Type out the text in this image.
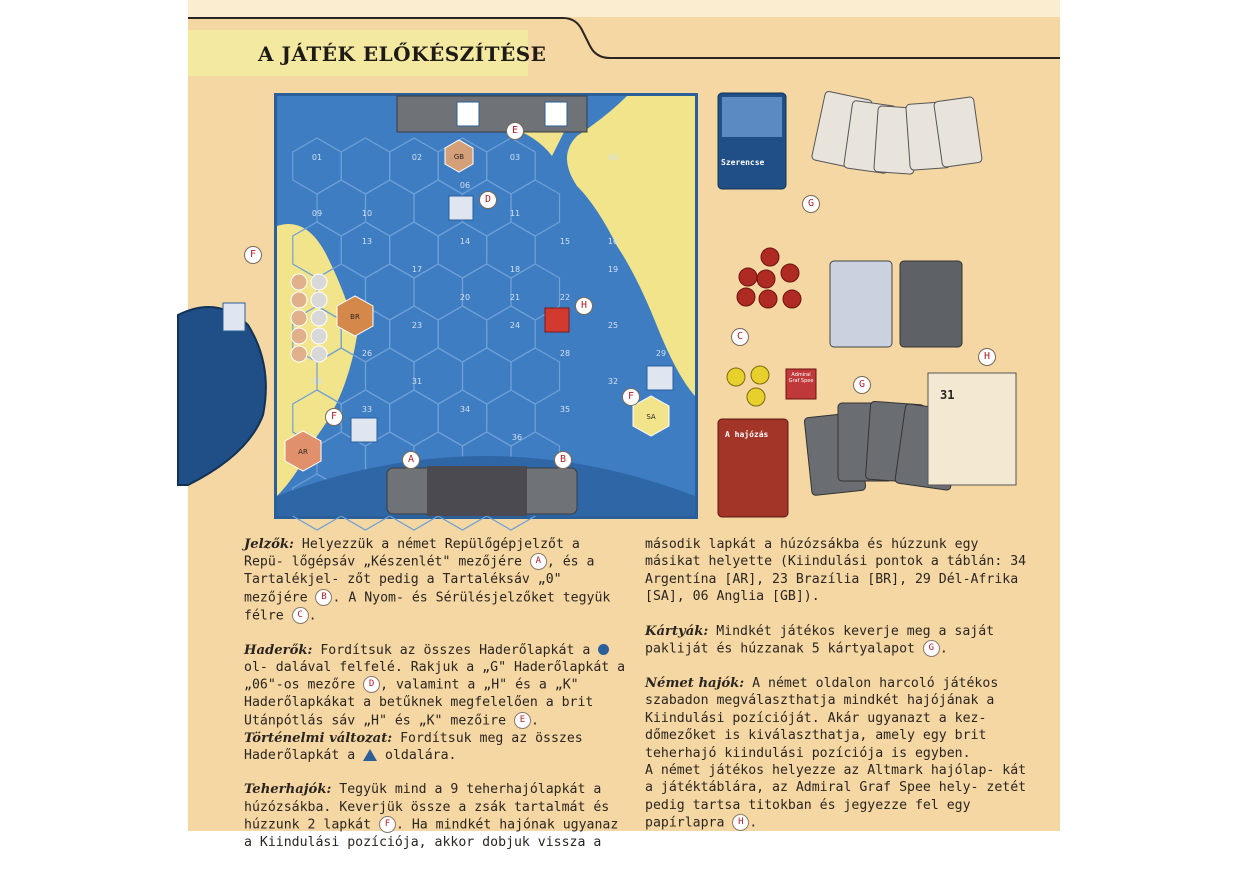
A JÁTÉK ELŐKÉSZÍTÉSE
01	02	03	04
06
09	10	11
13	14	15	16
17	18	19
20	21	22
23	24	25
26	28	29
30	31	32
33	34	35
36
GB
BR
AR
SA
Szerencse
A hajózás
Admiral Graf Spee
31
A	B
C
D
E
F
F
F
G
G
H
H

Jelzők: Helyezzük a német Repülőgépjelzőt a Repü- lőgépsáv „Készenlét" mezőjére A , és a Tartalékjel- zőt pedig a Tartaléksáv „0" mezőjére B . A Nyom- és Sérülésjelzőket tegyük félre C .

Haderők: Fordítsuk az összes Haderőlapkát a  ol- dalával felfelé. Rakjuk a „G" Haderőlapkát a „06"-os mezőre D , valamint a „H" és a „K" Haderőlapkákat a betűknek megfelelően a brit Utánpótlás sáv „H" és „K" mezőire E . Történelmi változat: Fordítsuk meg az összes Haderőlapkát a  oldalára.

Teherhajók: Tegyük mind a 9 teherhajólapkát a húzózsákba. Keverjük össze a zsák tartalmát és húzzunk 2 lapkát F . Ha mindkét hajónak ugyanaz a Kiindulási pozíciója, akkor dobjuk vissza a

második lapkát a húzózsákba és húzzunk egy másikat helyette (Kiindulási pontok a táblán: 34 Argentína [AR], 23 Brazília [BR], 29 Dél-Afrika [SA], 06 Anglia [GB]).

Kártyák: Mindkét játékos keverje meg a saját pakliját és húzzanak 5 kártyalapot G .

Német hajók: A német oldalon harcoló játékos szabadon megválaszthatja mindkét hajójának a Kiindulási pozícióját. Akár ugyanazt a kez- dőmezőket is kiválaszthatja, amely egy brit teherhajó kiindulási pozíciója is egyben.

A német játékos helyezze az Altmark hajólap- kát a játéktáblára, az Admiral Graf Spee hely- zetét pedig tartsa titokban és jegyezze fel egy papírlapra H .
